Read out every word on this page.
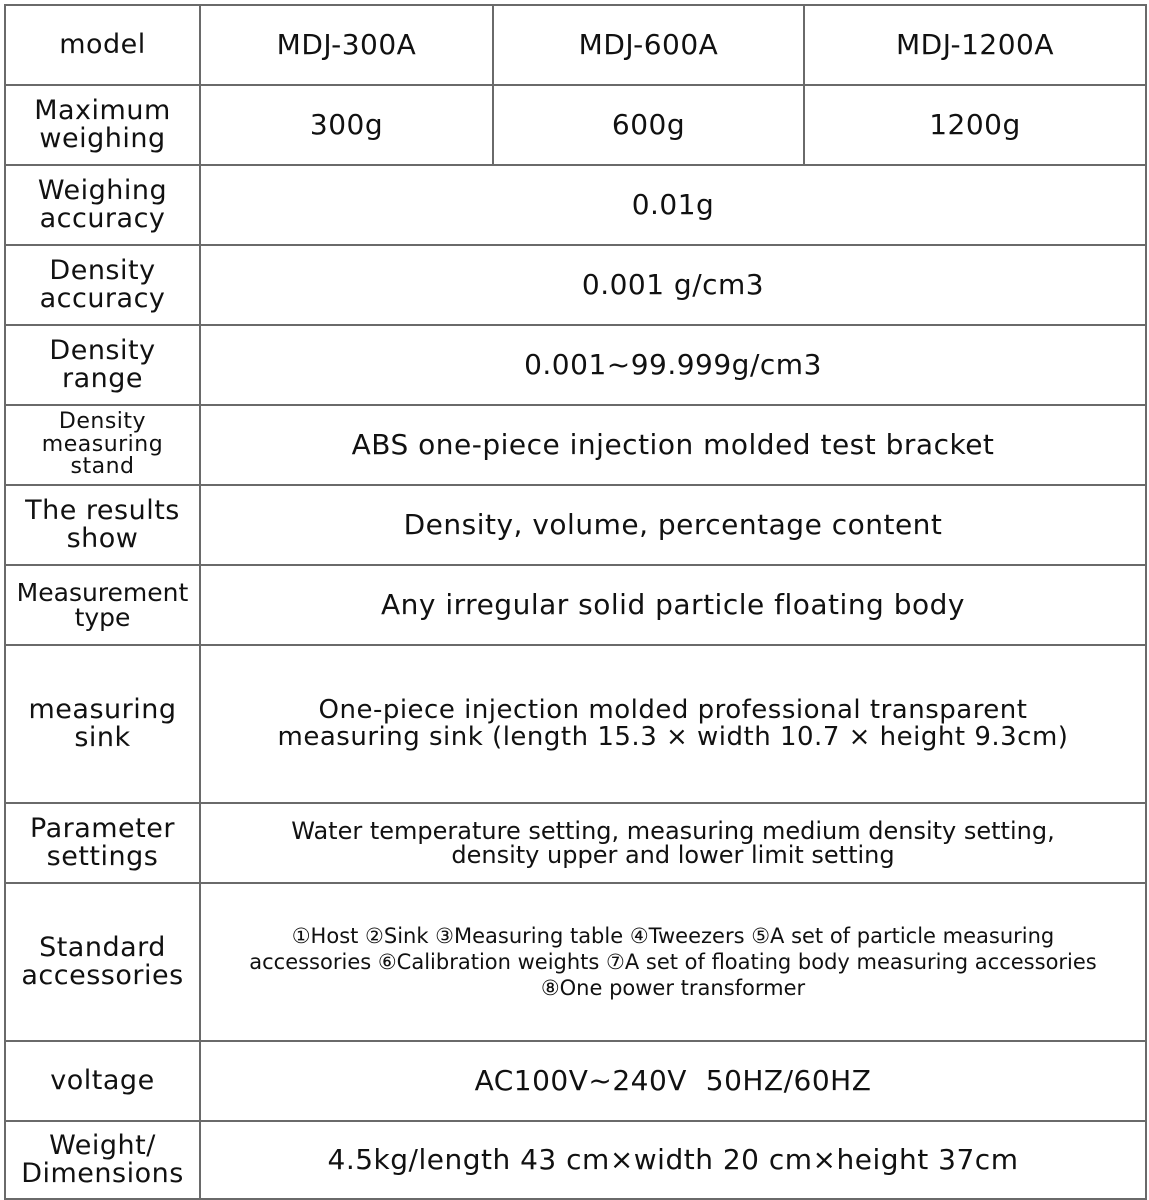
model	MDJ-300A	MDJ-600A	MDJ-1200A

Maximum
weighing	300g	600g	1200g

Weighing
accuracy	0.01g		

Density
accuracy	0.001 g/cm3		

Density
range	0.001~99.999g/cm3		

Density
measuring
stand	ABS one-piece injection molded test bracket		

The results
show	Density, volume, percentage content		

Measurement
type	Any irregular solid particle floating body		

measuring
sink	One-piece injection molded professional transparent
measuring sink (length 15.3 × width 10.7 × height 9.3cm)		

Parameter
settings	Water temperature setting, measuring medium density setting,
density upper and lower limit setting		

Standard
accessories	①Host ②Sink ③Measuring table ④Tweezers ⑤A set of particle measuring
accessories ⑥Calibration weights ⑦A set of floating body measuring accessories
⑧One power transformer		

voltage	AC100V~240V  50HZ/60HZ		

Weight/
Dimensions	4.5kg/length 43 cm×width 20 cm×height 37cm		
